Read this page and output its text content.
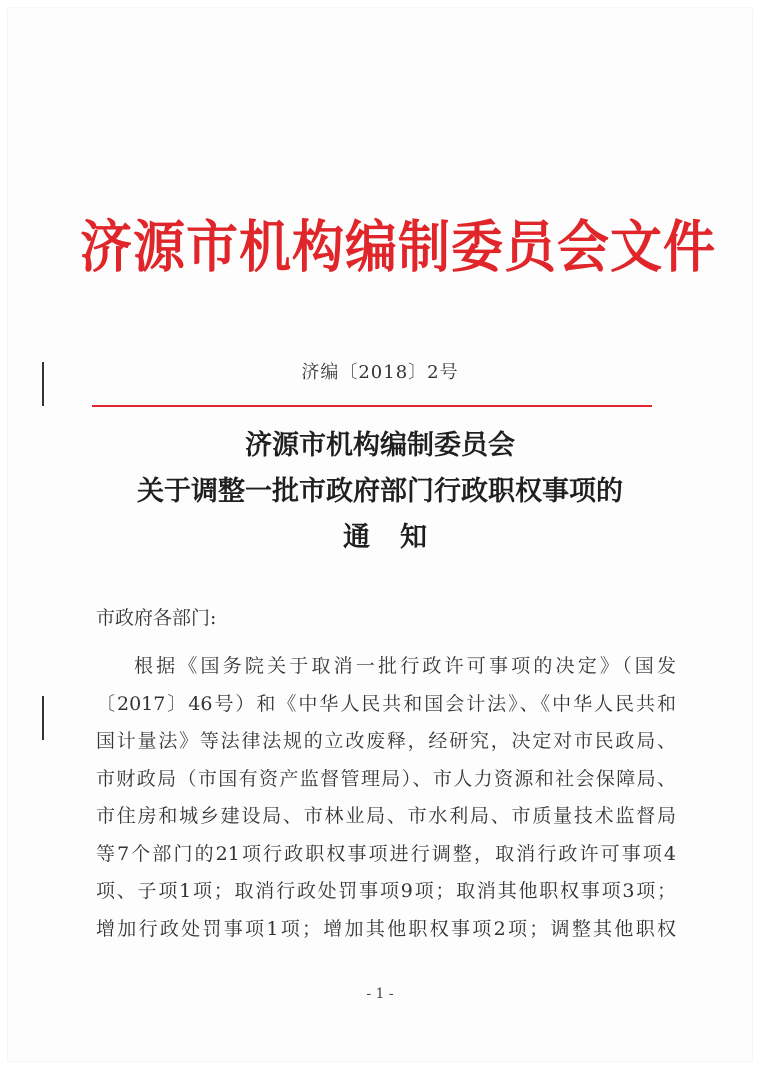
济源市机构编制委员会文件
济编〔2018〕2号
济源市机构编制委员会
关于调整一批市政府部门行政职权事项的
通知
市政府各部门:
根据《国务院关于取消一批行政许可事项的决定》（国发
〔2017〕46号）和《中华人民共和国会计法》、《中华人民共和
国计量法》等法律法规的立改废释，经研究，决定对市民政局、
市财政局（市国有资产监督管理局）、市人力资源和社会保障局、
市住房和城乡建设局、市林业局、市水利局、市质量技术监督局
等7个部门的21项行政职权事项进行调整，取消行政许可事项4
项、子项1项；取消行政处罚事项9项；取消其他职权事项3项；
增加行政处罚事项1项；增加其他职权事项2项；调整其他职权
- 1 -
